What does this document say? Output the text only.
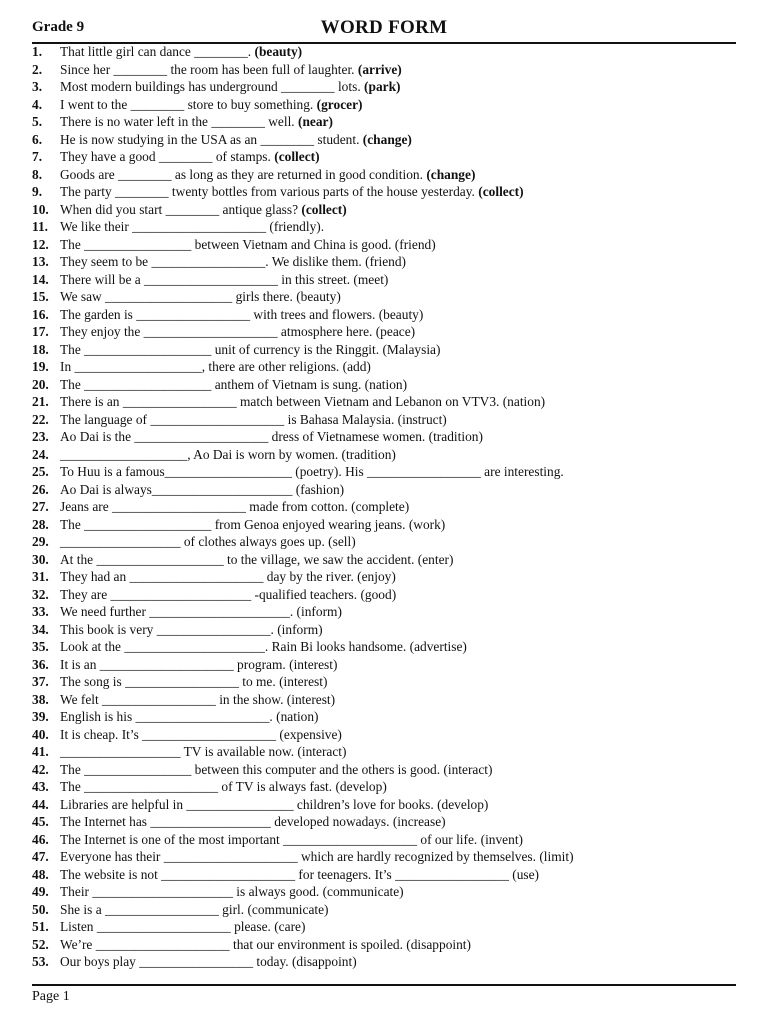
WORD FORM
Grade 9
1. That little girl can dance ________. (beauty)
2. Since her ________ the room has been full of laughter. (arrive)
3. Most modern buildings has underground ________ lots. (park)
4. I went to the ________ store to buy something. (grocer)
5. There is no water left in the ________ well. (near)
6. He is now studying in the USA as an ________ student. (change)
7. They have a good ________ of stamps. (collect)
8. Goods are ________ as long as they are returned in good condition. (change)
9. The party ________ twenty bottles from various parts of the house yesterday. (collect)
10. When did you start ________ antique glass? (collect)
11. We like their ____________________ (friendly).
12. The ________________ between Vietnam and China is good. (friend)
13. They seem to be _________________. We dislike them. (friend)
14. There will be a ____________________ in this street. (meet)
15. We saw ___________________ girls there. (beauty)
16. The garden is _________________ with trees and flowers. (beauty)
17. They enjoy the ____________________ atmosphere here. (peace)
18. The ___________________ unit of currency is the Ringgit. (Malaysia)
19. In ___________________, there are other religions. (add)
20. The ___________________ anthem of Vietnam is sung. (nation)
21. There is an _________________ match between Vietnam and Lebanon on VTV3. (nation)
22. The language of ____________________ is Bahasa Malaysia. (instruct)
23. Ao Dai is the ____________________ dress of Vietnamese women. (tradition)
24. ___________________, Ao Dai is worn by women. (tradition)
25. To Huu is a famous___________________ (poetry). His _________________ are interesting.
26. Ao Dai is always_____________________ (fashion)
27. Jeans are ____________________ made from cotton. (complete)
28. The ___________________ from Genoa enjoyed wearing jeans. (work)
29. __________________ of clothes always goes up. (sell)
30. At the ___________________ to the village, we saw the accident. (enter)
31. They had an ____________________ day by the river. (enjoy)
32. They are _____________________ -qualified teachers. (good)
33. We need further _____________________. (inform)
34. This book is very _________________. (inform)
35. Look at the _____________________. Rain Bi looks handsome. (advertise)
36. It is an ____________________ program. (interest)
37. The song is _________________ to me. (interest)
38. We felt _________________ in the show. (interest)
39. English is his ____________________. (nation)
40. It is cheap. It’s ____________________ (expensive)
41. __________________ TV is available now. (interact)
42. The ________________ between this computer and the others is good. (interact)
43. The ____________________ of TV is always fast. (develop)
44. Libraries are helpful in ________________ children’s love for books. (develop)
45. The Internet has __________________ developed nowadays. (increase)
46. The Internet is one of the most important ____________________ of our life. (invent)
47. Everyone has their ____________________ which are hardly recognized by themselves. (limit)
48. The website is not ____________________ for teenagers. It’s _________________ (use)
49. Their _____________________ is always good. (communicate)
50. She is a _________________ girl. (communicate)
51. Listen ____________________ please. (care)
52. We’re ____________________ that our environment is spoiled. (disappoint)
53. Our boys play _________________ today. (disappoint)
Page 1
